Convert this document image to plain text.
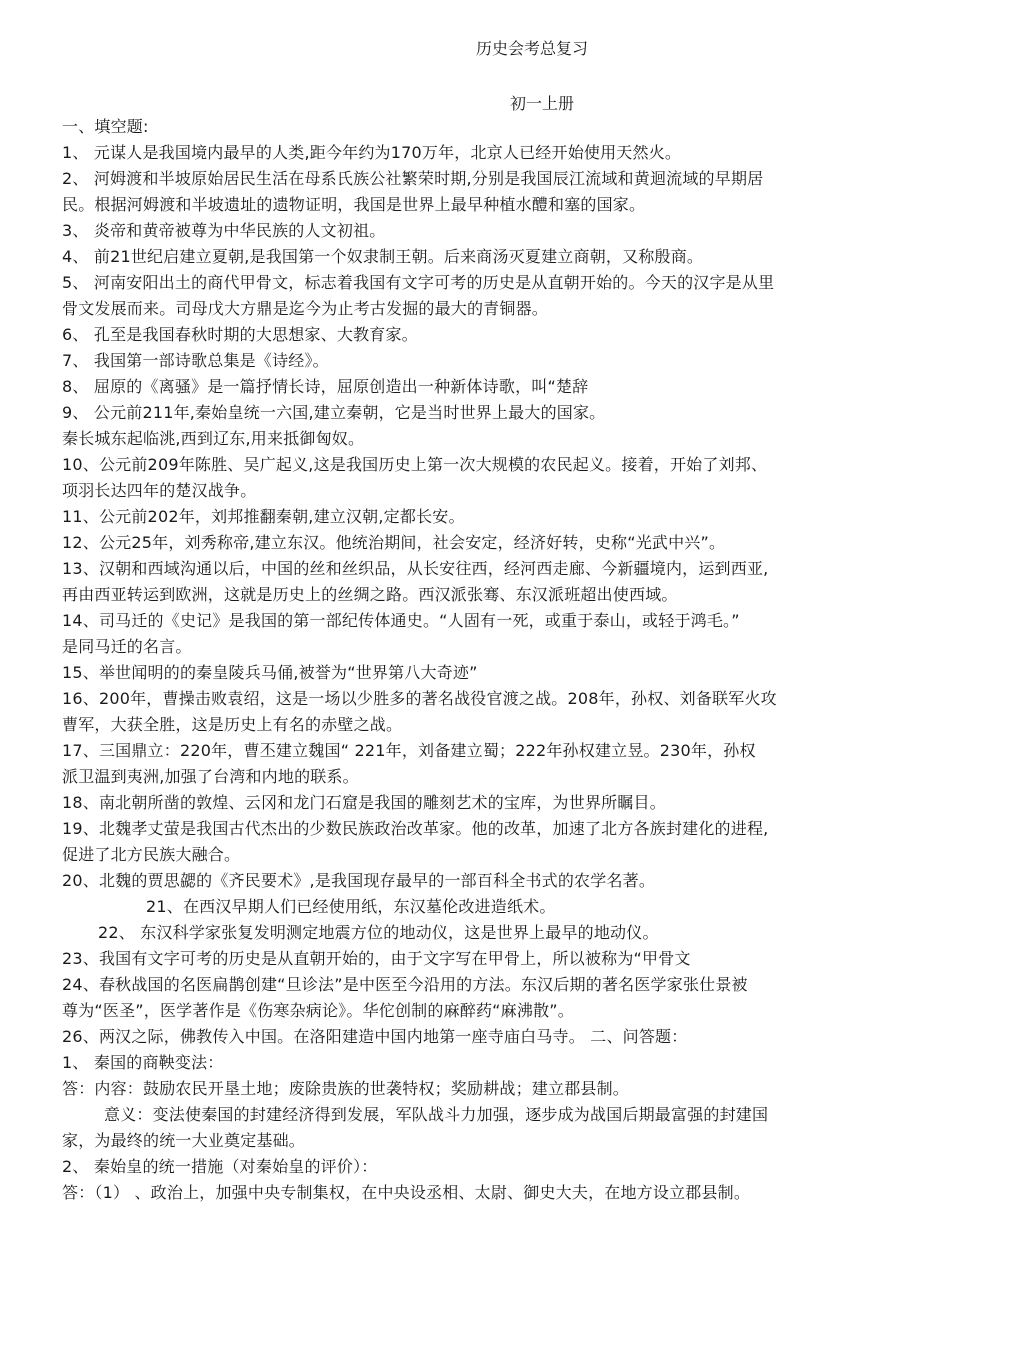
历史会考总复习
初一上册
一、填空题:
1、 元谋人是我国境内最早的人类,距今年约为170万年，北京人已经开始使用天然火。
2、 河姆渡和半坡原始居民生活在母系氏族公社繁荣时期,分别是我国辰江流域和黄迴流域的早期居
民。根据河姆渡和半坡遗址的遗物证明，我国是世界上最早种植水醴和塞的国家。
3、 炎帝和黄帝被尊为中华民族的人文初祖。
4、 前21世纪启建立夏朝,是我国第一个奴隶制王朝。后来商汤灭夏建立商朝，又称殷商。
5、 河南安阳出土的商代甲骨文，标志着我国有文字可考的历史是从直朝开始的。今天的汉字是从里
骨文发展而来。司母戊大方鼎是迄今为止考古发掘的最大的青铜器。
6、 孔至是我国春秋时期的大思想家、大教育家。
7、 我国第一部诗歌总集是《诗经》。
8、 屈原的《离骚》是一篇抒情长诗，屈原创造出一种新体诗歌，叫“楚辞
9、 公元前211年,秦始皇统一六国,建立秦朝，它是当时世界上最大的国家。
秦长城东起临洮,西到辽东,用来抵御匈奴。
10、公元前209年陈胜、吴广起义,这是我国历史上第一次大规模的农民起义。接着，开始了刘邦、
项羽长达四年的楚汉战争。
11、公元前202年，刘邦推翻秦朝,建立汉朝,定都长安。
12、公元25年，刘秀称帝,建立东汉。他统治期间，社会安定，经济好转，史称“光武中兴”。
13、汉朝和西域沟通以后，中国的丝和丝织品，从长安往西，经河西走廊、今新疆境内，运到西亚,
再由西亚转运到欧洲，这就是历史上的丝绸之路。西汉派张骞、东汉派班超出使西域。
14、司马迁的《史记》是我国的第一部纪传体通史。“人固有一死，或重于泰山，或轻于鸿毛。”
是同马迁的名言。
15、举世闻明的的秦皇陵兵马俑,被誉为“世界第八大奇迹”
16、200年，曹操击败袁绍，这是一场以少胜多的著名战役官渡之战。208年，孙权、刘备联军火攻
曹军，大获全胜，这是历史上有名的赤壁之战。
17、三国鼎立：220年，曹丕建立魏国“ 221年，刘备建立蜀；222年孙权建立昱。230年，孙权
派卫温到夷洲,加强了台湾和内地的联系。
18、南北朝所凿的敦煌、云冈和龙门石窟是我国的雕刻艺术的宝库，为世界所瞩目。
19、北魏孝丈萤是我国古代杰出的少数民族政治改革家。他的改革，加速了北方各族封建化的进程,
促进了北方民族大融合。
20、北魏的贾思勰的《齐民要术》,是我国现存最早的一部百科全书式的农学名著。
21、在西汉早期人们已经使用纸，东汉墓伦改进造纸术。
22、 东汉科学家张复发明测定地震方位的地动仪，这是世界上最早的地动仪。
23、我国有文字可考的历史是从直朝开始的，由于文字写在甲骨上，所以被称为“甲骨文
24、春秋战国的名医扁鹊创建“旦诊法”是中医至今沿用的方法。东汉后期的著名医学家张仕景被
尊为“医圣”，医学著作是《伤寒杂病论》。华佗创制的麻醉药“麻沸散”。
26、两汉之际，佛教传入中国。在洛阳建造中国内地第一座寺庙白马寺。 二、问答题：
1、 秦国的商鞅变法：
答：内容：鼓励农民开垦土地；废除贵族的世袭特权；奖励耕战；建立郡县制。
意义：变法使秦国的封建经济得到发展，军队战斗力加强，逐步成为战国后期最富强的封建国
家，为最终的统一大业奠定基础。
2、 秦始皇的统一措施（对秦始皇的评价）：
答：（1） 、政治上，加强中央专制集权，在中央设丞相、太尉、御史大夫，在地方设立郡县制。
